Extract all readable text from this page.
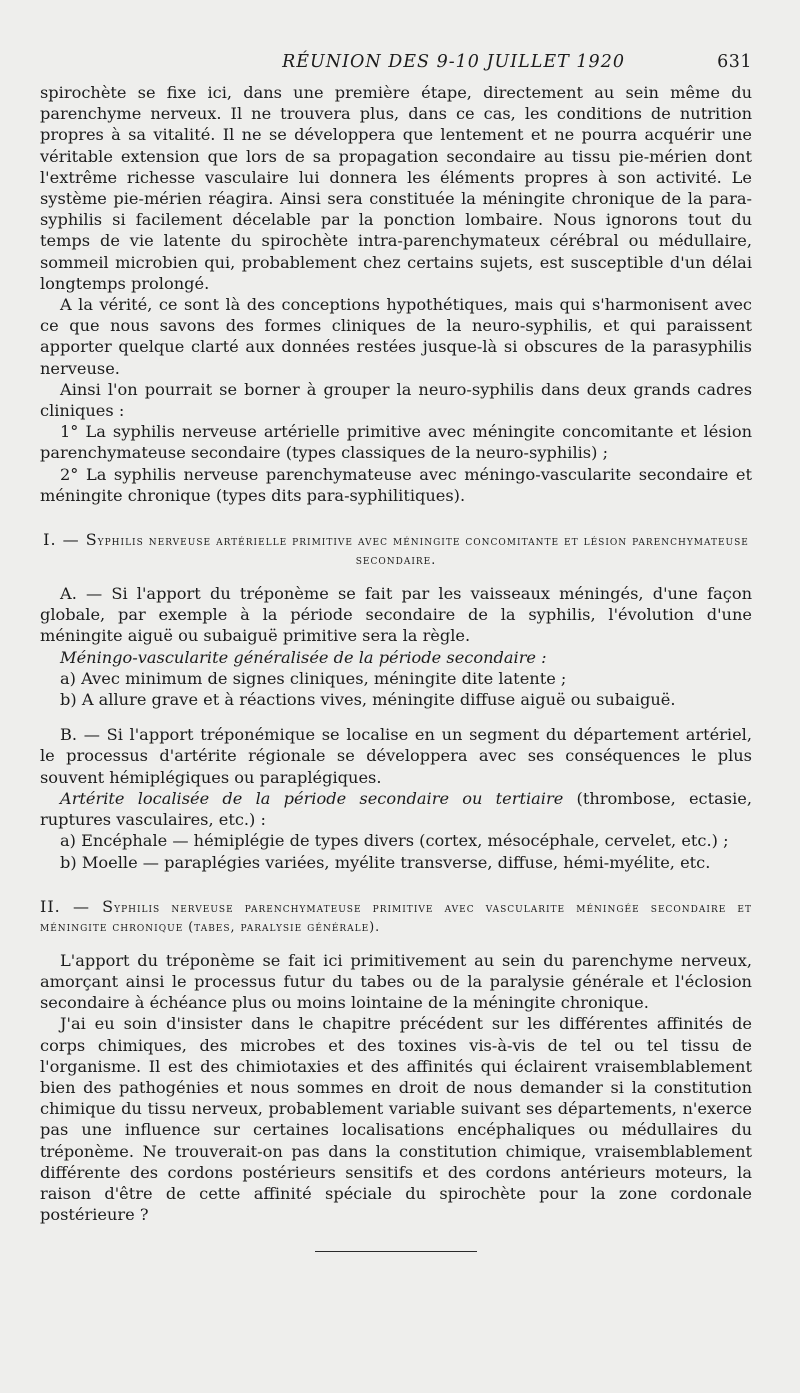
RÉUNION DES 9-10 JUILLET 1920	631

spirochète se fixe ici, dans une première étape, directement au sein même du parenchyme nerveux. Il ne trouvera plus, dans ce cas, les conditions de nutrition propres à sa vitalité. Il ne se développera que lentement et ne pourra acquérir une véritable extension que lors de sa propagation secondaire au tissu pie-mérien dont l'extrême richesse vasculaire lui donnera les éléments propres à son activité. Le système pie-mérien réagira. Ainsi sera constituée la méningite chronique de la para-syphilis si facilement décelable par la ponction lombaire. Nous ignorons tout du temps de vie latente du spirochète intra-parenchymateux cérébral ou médullaire, sommeil microbien qui, probablement chez certains sujets, est susceptible d'un délai longtemps prolongé.

A la vérité, ce sont là des conceptions hypothétiques, mais qui s'harmonisent avec ce que nous savons des formes cliniques de la neuro-syphilis, et qui paraissent apporter quelque clarté aux données restées jusque-là si obscures de la parasyphilis nerveuse.

Ainsi l'on pourrait se borner à grouper la neuro-syphilis dans deux grands cadres cliniques :

1° La syphilis nerveuse artérielle primitive avec méningite concomitante et lésion parenchymateuse secondaire (types classiques de la neuro-syphilis) ;

2° La syphilis nerveuse parenchymateuse avec méningo-vascularite secondaire et méningite chronique (types dits para-syphilitiques).

I. — Syphilis nerveuse artérielle primitive avec méningite concomitante et lésion parenchymateuse secondaire.

A. — Si l'apport du tréponème se fait par les vaisseaux méningés, d'une façon globale, par exemple à la période secondaire de la syphilis, l'évolution d'une méningite aiguë ou subaiguë primitive sera la règle.

Méningo-vascularite généralisée de la période secondaire :

a) Avec minimum de signes cliniques, méningite dite latente ;

b) A allure grave et à réactions vives, méningite diffuse aiguë ou subaiguë.

B. — Si l'apport tréponémique se localise en un segment du département artériel, le processus d'artérite régionale se développera avec ses conséquences le plus souvent hémiplégiques ou paraplégiques.

Artérite localisée de la période secondaire ou tertiaire (thrombose, ectasie, ruptures vasculaires, etc.) :

a) Encéphale — hémiplégie de types divers (cortex, mésocéphale, cervelet, etc.) ;

b) Moelle — paraplégies variées, myélite transverse, diffuse, hémi-myélite, etc.

II. — Syphilis nerveuse parenchymateuse primitive avec vascularite méningée secondaire et méningite chronique (tabes, paralysie générale).

L'apport du tréponème se fait ici primitivement au sein du parenchyme nerveux, amorçant ainsi le processus futur du tabes ou de la paralysie générale et l'éclosion secondaire à échéance plus ou moins lointaine de la méningite chronique.

J'ai eu soin d'insister dans le chapitre précédent sur les différentes affinités de corps chimiques, des microbes et des toxines vis-à-vis de tel ou tel tissu de l'organisme. Il est des chimiotaxies et des affinités qui éclairent vraisemblablement bien des pathogénies et nous sommes en droit de nous demander si la constitution chimique du tissu nerveux, probablement variable suivant ses départements, n'exerce pas une influence sur certaines localisations encéphaliques ou médullaires du tréponème. Ne trouverait-on pas dans la constitution chimique, vraisemblablement différente des cordons postérieurs sensitifs et des cordons antérieurs moteurs, la raison d'être de cette affinité spéciale du spirochète pour la zone cordonale postérieure ?
